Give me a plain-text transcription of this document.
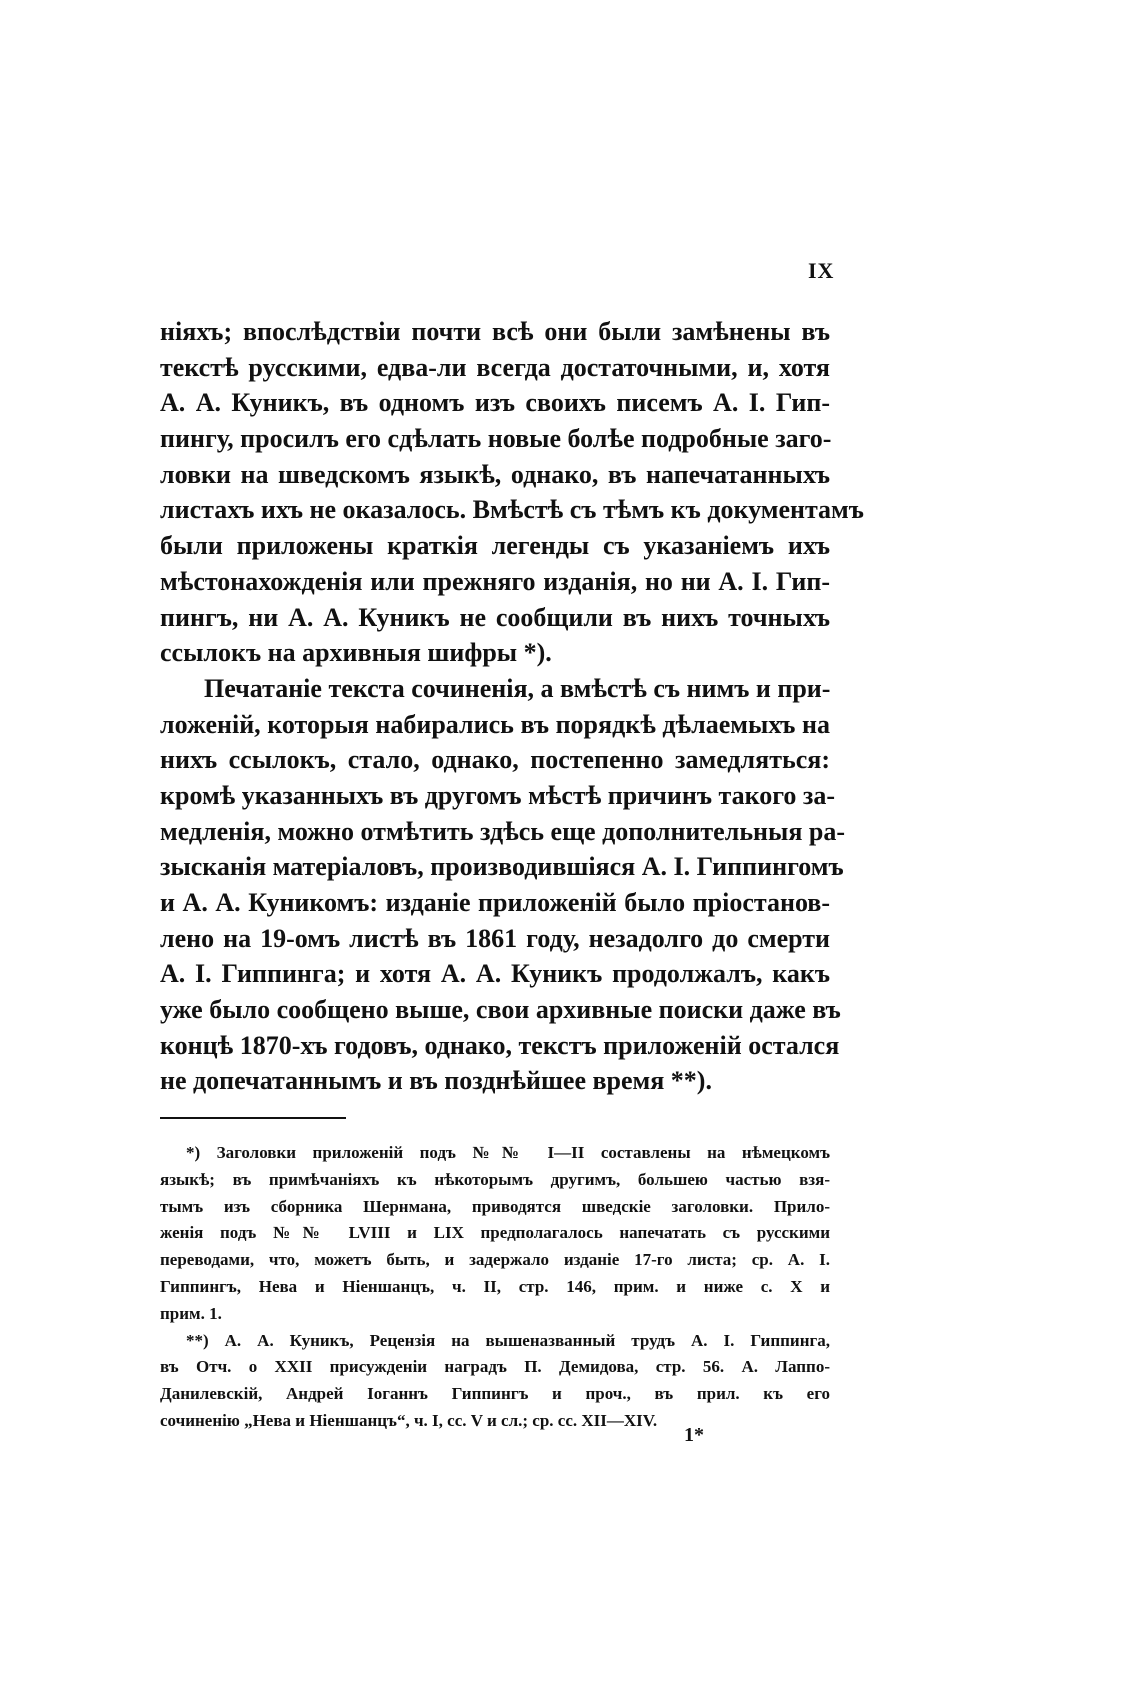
IX
ніяхъ; впослѣдствіи почти всѣ они были замѣнены въ
текстѣ русскими, едва-ли всегда достаточными, и, хотя
А. А. Куникъ, въ одномъ изъ своихъ писемъ А. І. Гип-
пингу, просилъ его сдѣлать новые болѣе подробные заго-
ловки на шведскомъ языкѣ, однако, въ напечатанныхъ
листахъ ихъ не оказалось. Вмѣстѣ съ тѣмъ къ документамъ
были приложены краткія легенды съ указаніемъ ихъ
мѣстонахожденія или прежняго изданія, но ни А. І. Гип-
пингъ, ни А. А. Куникъ не сообщили въ нихъ точныхъ
ссылокъ на архивныя шифры *).
Печатаніе текста сочиненія, а вмѣстѣ съ нимъ и при-
ложеній, которыя набирались въ порядкѣ дѣлаемыхъ на
нихъ ссылокъ, стало, однако, постепенно замедляться:
кромѣ указанныхъ въ другомъ мѣстѣ причинъ такого за-
медленія, можно отмѣтить здѣсь еще дополнительныя ра-
зысканія матеріаловъ, производившіяся А. І. Гиппингомъ
и А. А. Куникомъ: изданіе приложеній было пріостанов-
лено на 19-омъ листѣ въ 1861 году, незадолго до смерти
А. І. Гиппинга; и хотя А. А. Куникъ продолжалъ, какъ
уже было сообщено выше, свои архивные поиски даже въ
концѣ 1870-хъ годовъ, однако, текстъ приложеній остался
не допечатаннымъ и въ позднѣйшее время **).
*) Заголовки приложеній подъ №№ I—II составлены на нѣмецкомъ
языкѣ; въ примѣчаніяхъ къ нѣкоторымъ другимъ, большею частью взя-
тымъ изъ сборника Шернмана, приводятся шведскіе заголовки. Прило-
женія подъ №№ LVIII и LIX предполагалось напечатать съ русскими
переводами, что, можетъ быть, и задержало изданіе 17-го листа; ср. А. І.
Гиппингъ, Нева и Ніеншанцъ, ч. II, стр. 146, прим. и ниже с. X и
прим. 1.
**) А. А. Куникъ, Рецензія на вышеназванный трудъ А. І. Гиппинга,
въ Отч. о XXII присужденіи наградъ П. Демидова, стр. 56. А. Лаппо-
Данилевскій, Андрей Іоганнъ Гиппингъ и проч., въ прил. къ его
сочиненію „Нева и Ніеншанцъ“, ч. I, сс. V и сл.; ср. сс. XII—XIV.
1*
